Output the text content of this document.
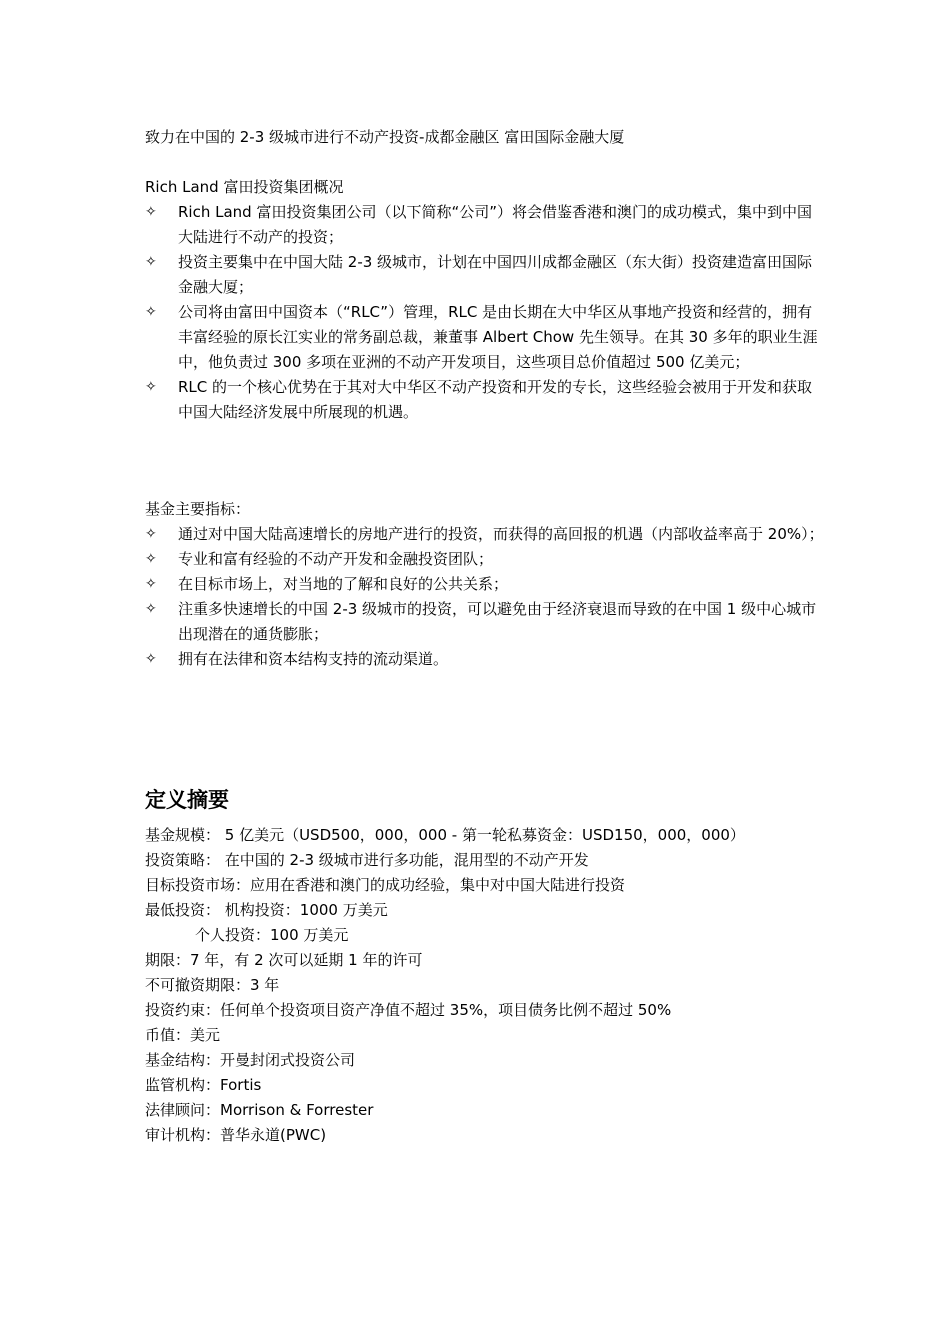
致力在中国的 2-3 级城市进行不动产投资-成都金融区 富田国际金融大厦

Rich Land 富田投资集团概况

✧	Rich Land 富田投资集团公司（以下简称“公司”）将会借鉴香港和澳门的成功模式，集中到中国大陆进行不动产的投资；
✧	投资主要集中在中国大陆 2-3 级城市，计划在中国四川成都金融区（东大街）投资建造富田国际金融大厦；
✧	公司将由富田中国资本（“RLC”）管理，RLC 是由长期在大中华区从事地产投资和经营的，拥有丰富经验的原长江实业的常务副总裁，兼董事 Albert Chow 先生领导。在其 30 多年的职业生涯中，他负责过 300 多项在亚洲的不动产开发项目，这些项目总价值超过 500 亿美元；
✧	RLC 的一个核心优势在于其对大中华区不动产投资和开发的专长，这些经验会被用于开发和获取中国大陆经济发展中所展现的机遇。

基金主要指标：

✧	通过对中国大陆高速增长的房地产进行的投资，而获得的高回报的机遇（内部收益率高于 20%）；
✧	专业和富有经验的不动产开发和金融投资团队；
✧	在目标市场上，对当地的了解和良好的公共关系；
✧	注重多快速增长的中国 2-3 级城市的投资，可以避免由于经济衰退而导致的在中国 1 级中心城市出现潜在的通货膨胀；
✧	拥有在法律和资本结构支持的流动渠道。
定义摘要
基金规模： 5 亿美元（USD500，000，000 - 第一轮私募资金：USD150，000，000）
投资策略： 在中国的 2-3 级城市进行多功能，混用型的不动产开发
目标投资市场：应用在香港和澳门的成功经验，集中对中国大陆进行投资
最低投资： 机构投资：1000 万美元
个人投资：100 万美元
期限：7 年，有 2 次可以延期 1 年的许可
不可撤资期限：3 年
投资约束：任何单个投资项目资产净值不超过 35%，项目债务比例不超过 50%
币值：美元
基金结构：开曼封闭式投资公司
监管机构：Fortis
法律顾问：Morrison & Forrester
审计机构：普华永道(PWC)
